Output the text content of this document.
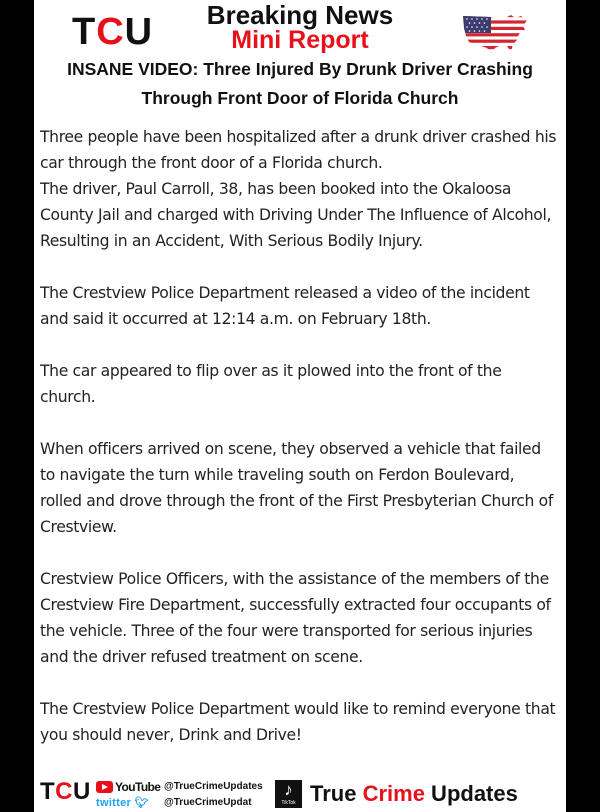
TCU	Breaking News
Mini Report
INSANE VIDEO: Three Injured By Drunk Driver Crashing
Through Front Door of Florida Church

Three people have been hospitalized after a drunk driver crashed his car through the front door of a Florida church.

The driver, Paul Carroll, 38, has been booked into the Okaloosa County Jail and charged with Driving Under The Influence of Alcohol, Resulting in an Accident, With Serious Bodily Injury.

The Crestview Police Department released a video of the incident and said it occurred at 12:14 a.m. on February 18th.

The car appeared to flip over as it plowed into the front of the church.

When officers arrived on scene, they observed a vehicle that failed to navigate the turn while traveling south on Ferdon Boulevard, rolled and drove through the front of the First Presbyterian Church of Crestview.

Crestview Police Officers, with the assistance of the members of the Crestview Fire Department, successfully extracted four occupants of the vehicle. Three of the four were transported for serious injuries and the driver refused treatment on scene.

The Crestview Police Department would like to remind everyone that you should never, Drink and Drive!

TCU YouTube
twitter 🐦︎
@TrueCrimeUpdates
@TrueCrimeUpdat
♪
TikTok True Crime Updates
